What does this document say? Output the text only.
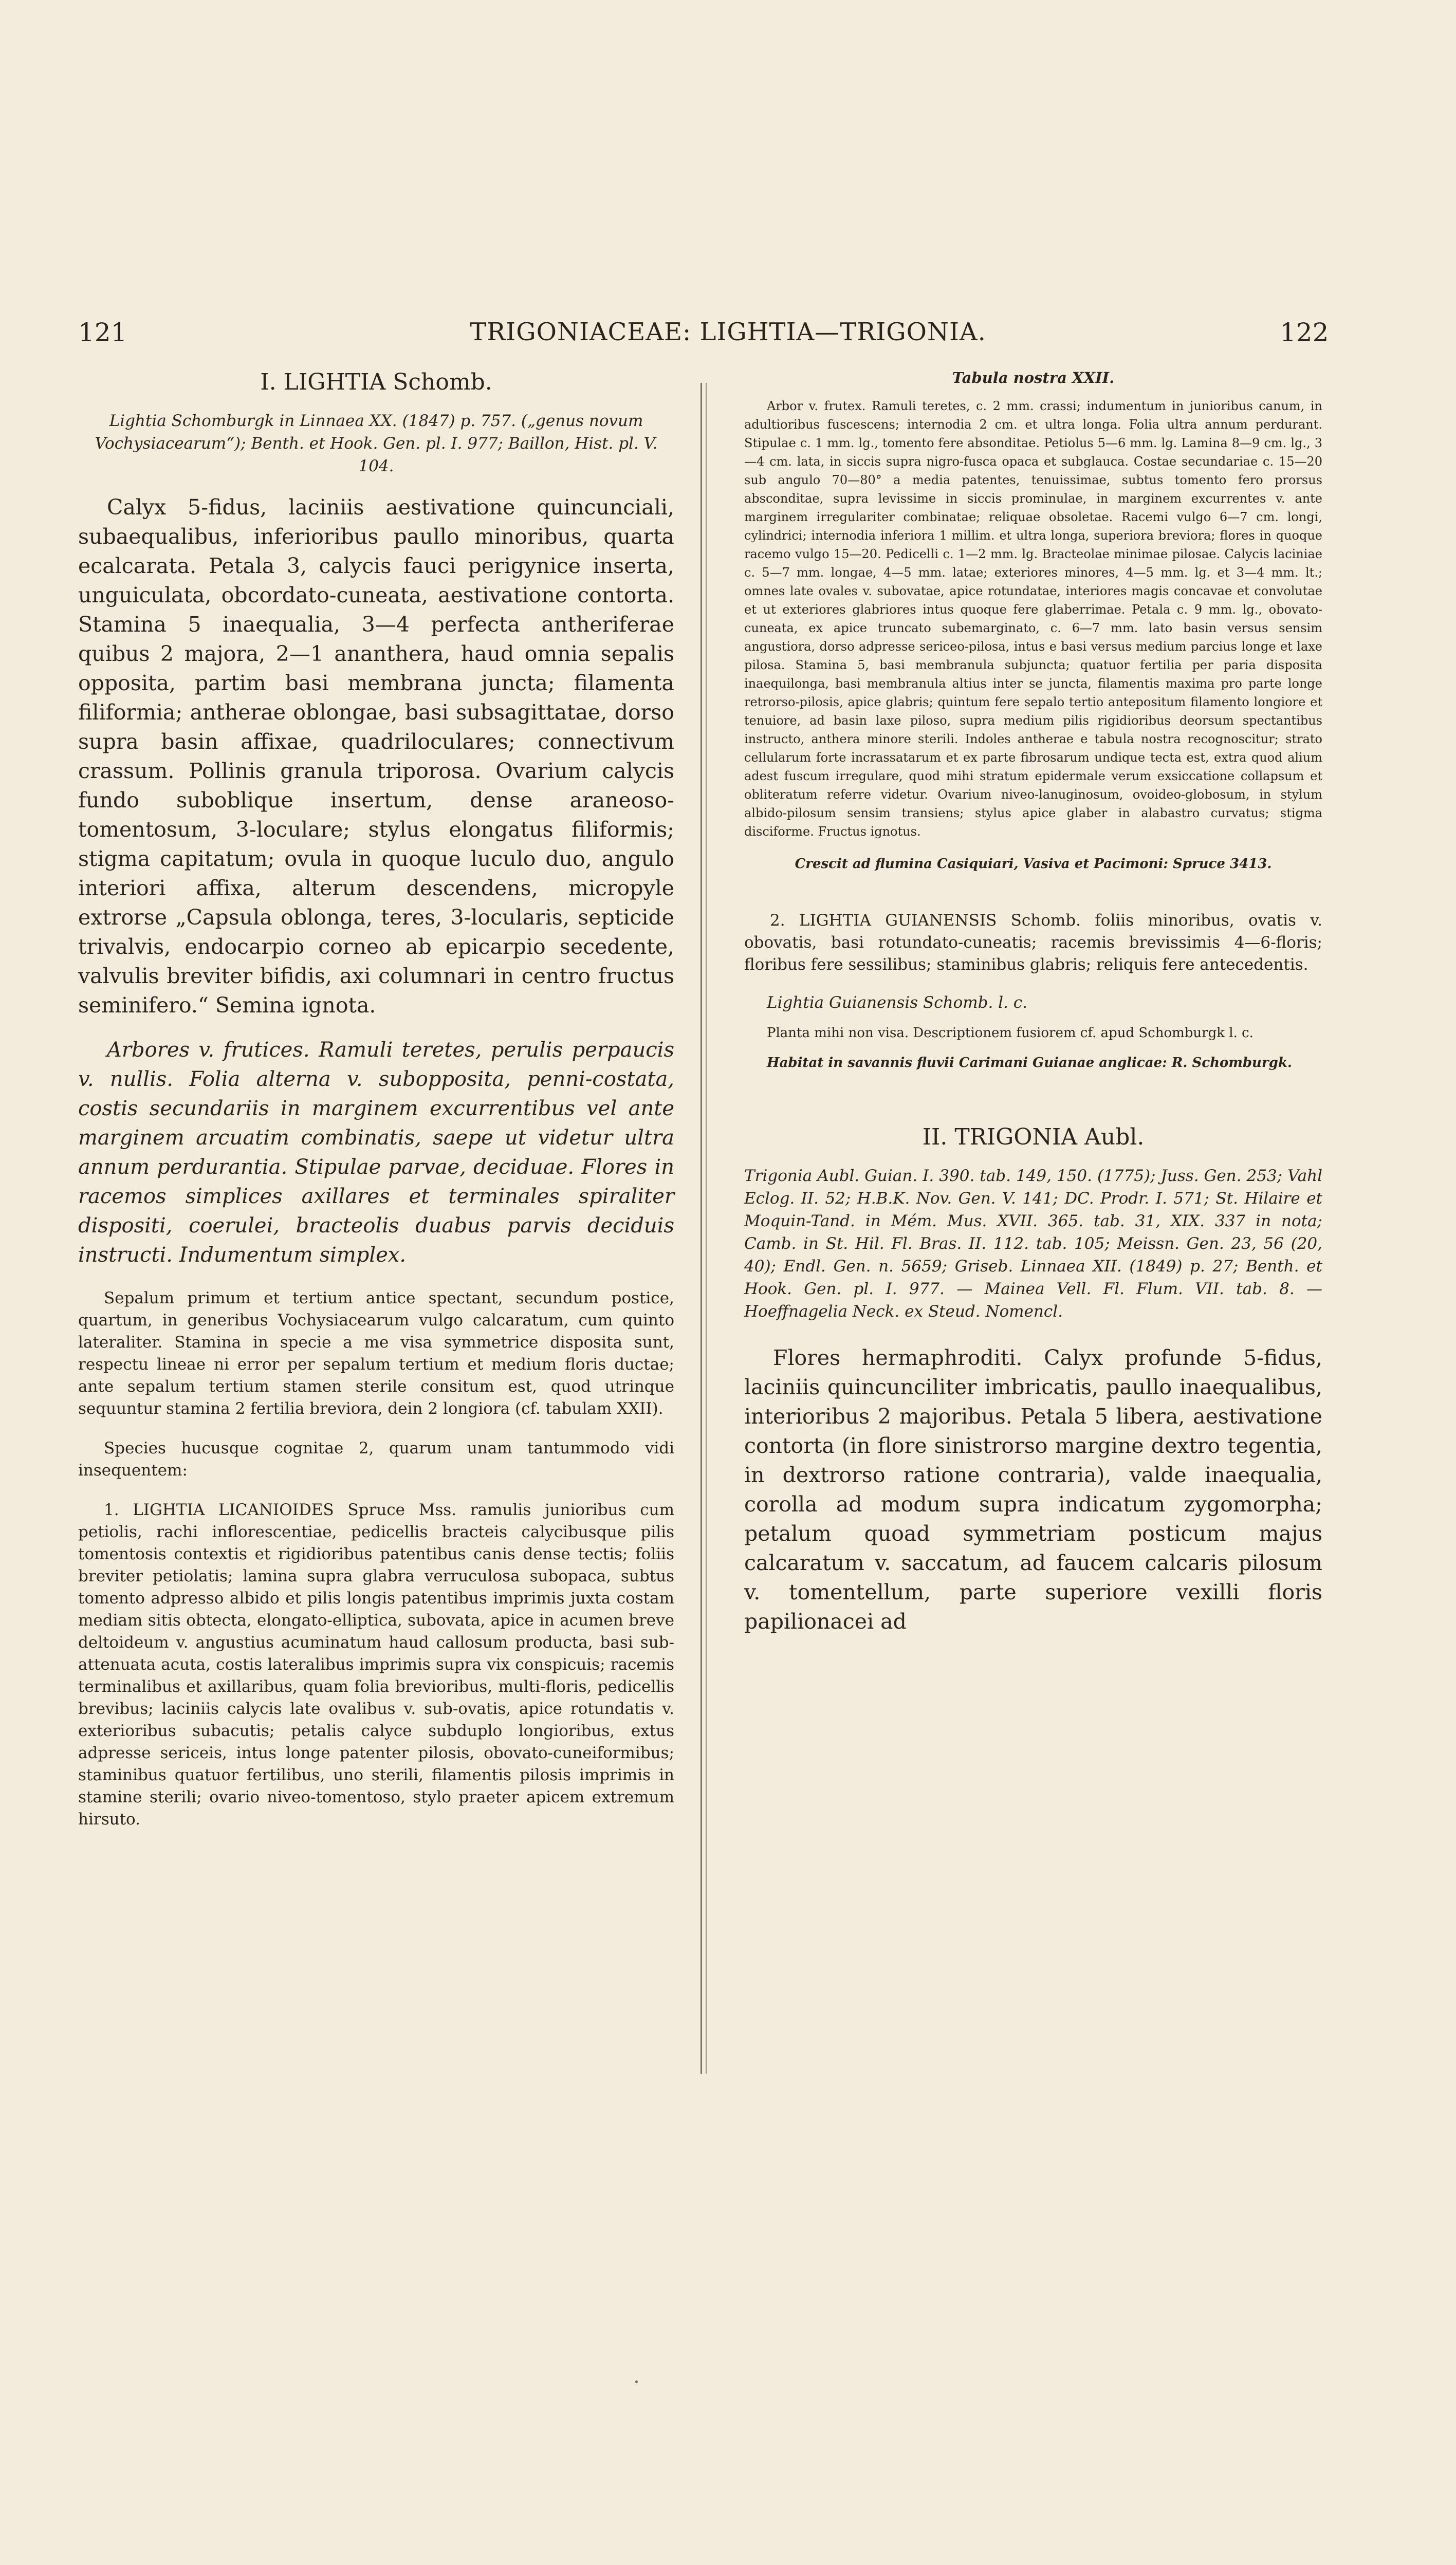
121	TRIGONIACEAE: LIGHTIA—TRIGONIA.	122

I. LIGHTIA Schomb.

Lightia Schomburgk in Linnaea XX. (1847) p. 757. („genus novum Vochysiacearum“); Benth. et Hook. Gen. pl. I. 977; Baillon, Hist. pl. V. 104.

Calyx 5-fidus, laciniis aestivatione quincunciali, subaequalibus, inferioribus paullo minoribus, quarta ecalcarata. Petala 3, calycis fauci perigynice inserta, unguiculata, obcordato-cuneata, aestivatione contorta. Stamina 5 inaequalia, 3—4 perfecta antheriferae quibus 2 majora, 2—1 ananthera, haud omnia sepalis opposita, partim basi membrana juncta; filamenta filiformia; antherae oblongae, basi subsagittatae, dorso supra basin affixae, quadriloculares; connectivum crassum. Pollinis granula triporosa. Ovarium calycis fundo suboblique insertum, dense araneoso-tomentosum, 3-loculare; stylus elongatus filiformis; stigma capitatum; ovula in quoque luculo duo, angulo interiori affixa, alterum descendens, micropyle extrorse „Capsula oblonga, teres, 3-locularis, septicide trivalvis, endocarpio corneo ab epicarpio secedente, valvulis breviter bifidis, axi columnari in centro fructus seminifero.“ Semina ignota.

Arbores v. frutices. Ramuli teretes, perulis perpaucis v. nullis. Folia alterna v. subopposita, penni-costata, costis secundariis in marginem excurrentibus vel ante marginem arcuatim combinatis, saepe ut videtur ultra annum perdurantia. Stipulae parvae, deciduae. Flores in racemos simplices axillares et terminales spiraliter dispositi, coerulei, bracteolis duabus parvis deciduis instructi. Indumentum simplex.

Sepalum primum et tertium antice spectant, secundum postice, quartum, in generibus Vochysiacearum vulgo calcaratum, cum quinto lateraliter. Stamina in specie a me visa symmetrice disposita sunt, respectu lineae ni error per sepalum tertium et medium floris ductae; ante sepalum tertium stamen sterile consitum est, quod utrinque sequuntur stamina 2 fertilia breviora, dein 2 longiora (cf. tabulam XXII).

Species hucusque cognitae 2, quarum unam tantummodo vidi insequentem:

1. LIGHTIA LICANIOIDES Spruce Mss. ramulis junioribus cum petiolis, rachi inflorescentiae, pedicellis bracteis calycibusque pilis tomentosis contextis et rigidioribus patentibus canis dense tectis; foliis breviter petiolatis; lamina supra glabra verruculosa subopaca, subtus tomento adpresso albido et pilis longis patentibus imprimis juxta costam mediam sitis obtecta, elongato-elliptica, subovata, apice in acumen breve deltoideum v. angustius acuminatum haud callosum producta, basi sub-attenuata acuta, costis lateralibus imprimis supra vix conspicuis; racemis terminalibus et axillaribus, quam folia brevioribus, multi-floris, pedicellis brevibus; laciniis calycis late ovalibus v. sub-ovatis, apice rotundatis v. exterioribus subacutis; petalis calyce subduplo longioribus, extus adpresse sericeis, intus longe patenter pilosis, obovato-cuneiformibus; staminibus quatuor fertilibus, uno sterili, filamentis pilosis imprimis in stamine sterili; ovario niveo-tomentoso, stylo praeter apicem extremum hirsuto.

Tabula nostra XXII.

Arbor v. frutex. Ramuli teretes, c. 2 mm. crassi; indumentum in junioribus canum, in adultioribus fuscescens; internodia 2 cm. et ultra longa. Folia ultra annum perdurant. Stipulae c. 1 mm. lg., tomento fere absonditae. Petiolus 5—6 mm. lg. Lamina 8—9 cm. lg., 3—4 cm. lata, in siccis supra nigro-fusca opaca et subglauca. Costae secundariae c. 15—20 sub angulo 70—80° a media patentes, tenuissimae, subtus tomento fero prorsus absconditae, supra levissime in siccis prominulae, in marginem excurrentes v. ante marginem irregulariter combinatae; reliquae obsoletae. Racemi vulgo 6—7 cm. longi, cylindrici; internodia inferiora 1 millim. et ultra longa, superiora breviora; flores in quoque racemo vulgo 15—20. Pedicelli c. 1—2 mm. lg. Bracteolae minimae pilosae. Calycis laciniae c. 5—7 mm. longae, 4—5 mm. latae; exteriores minores, 4—5 mm. lg. et 3—4 mm. lt.; omnes late ovales v. subovatae, apice rotundatae, interiores magis concavae et convolutae et ut exteriores glabriores intus quoque fere glaberrimae. Petala c. 9 mm. lg., obovato-cuneata, ex apice truncato subemarginato, c. 6—7 mm. lato basin versus sensim angustiora, dorso adpresse sericeo-pilosa, intus e basi versus medium parcius longe et laxe pilosa. Stamina 5, basi membranula subjuncta; quatuor fertilia per paria disposita inaequilonga, basi membranula altius inter se juncta, filamentis maxima pro parte longe retrorso-pilosis, apice glabris; quintum fere sepalo tertio antepositum filamento longiore et tenuiore, ad basin laxe piloso, supra medium pilis rigidioribus deorsum spectantibus instructo, anthera minore sterili. Indoles antherae e tabula nostra recognoscitur; strato cellularum forte incrassatarum et ex parte fibrosarum undique tecta est, extra quod alium adest fuscum irregulare, quod mihi stratum epidermale verum exsiccatione collapsum et obliteratum referre videtur. Ovarium niveo-lanuginosum, ovoideo-globosum, in stylum albido-pilosum sensim transiens; stylus apice glaber in alabastro curvatus; stigma disciforme. Fructus ignotus.

Crescit ad flumina Casiquiari, Vasiva et Pacimoni: Spruce 3413.

2. LIGHTIA GUIANENSIS Schomb. foliis minoribus, ovatis v. obovatis, basi rotundato-cuneatis; racemis brevissimis 4—6-floris; floribus fere sessilibus; staminibus glabris; reliquis fere antecedentis.

Lightia Guianensis Schomb. l. c.

Planta mihi non visa. Descriptionem fusiorem cf. apud Schomburgk l. c.

Habitat in savannis fluvii Carimani Guianae anglicae: R. Schomburgk.

II. TRIGONIA Aubl.

Trigonia Aubl. Guian. I. 390. tab. 149, 150. (1775); Juss. Gen. 253; Vahl Eclog. II. 52; H.B.K. Nov. Gen. V. 141; DC. Prodr. I. 571; St. Hilaire et Moquin-Tand. in Mém. Mus. XVII. 365. tab. 31, XIX. 337 in nota; Camb. in St. Hil. Fl. Bras. II. 112. tab. 105; Meissn. Gen. 23, 56 (20, 40); Endl. Gen. n. 5659; Griseb. Linnaea XII. (1849) p. 27; Benth. et Hook. Gen. pl. I. 977. — Mainea Vell. Fl. Flum. VII. tab. 8. — Hoeffnagelia Neck. ex Steud. Nomencl.

Flores hermaphroditi. Calyx profunde 5-fidus, laciniis quincunciliter imbricatis, paullo inaequalibus, interioribus 2 majoribus. Petala 5 libera, aestivatione contorta (in flore sinistrorso margine dextro tegentia, in dextrorso ratione contraria), valde inaequalia, corolla ad modum supra indicatum zygomorpha; petalum quoad symmetriam posticum majus calcaratum v. saccatum, ad faucem calcaris pilosum v. tomentellum, parte superiore vexilli floris papilionacei ad
